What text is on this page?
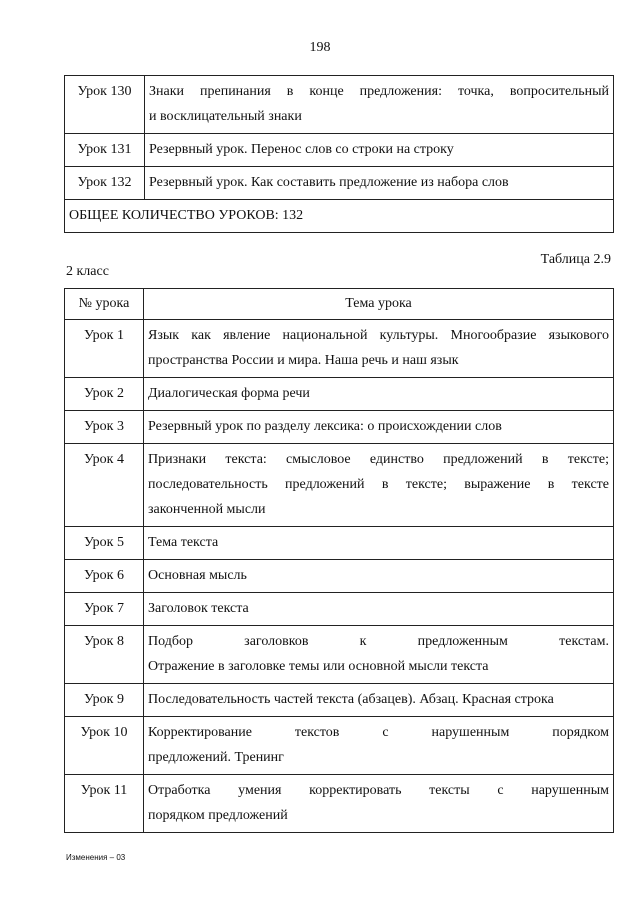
198
Урок 130	Знаки препинания в конце предложения: точка, вопросительный
и восклицательный знаки

Урок 131	Резервный урок. Перенос слов со строки на строку

Урок 132	Резервный урок. Как составить предложение из набора слов

ОБЩЕЕ КОЛИЧЕСТВО УРОКОВ: 132	
Таблица 2.9
2 класс
№ урока	Тема урока
Урок 1	Язык как явление национальной культуры. Многообразие языкового
пространства России и мира. Наша речь и наш язык

Урок 2	Диалогическая форма речи

Урок 3	Резервный урок по разделу лексика: о происхождении слов

Урок 4	Признаки текста: смысловое единство предложений в тексте;
последовательность предложений в тексте; выражение в тексте
законченной мысли

Урок 5	Тема текста

Урок 6	Основная мысль

Урок 7	Заголовок текста

Урок 8	Подбор заголовков к предложенным текстам.
Отражение в заголовке темы или основной мысли текста

Урок 9	Последовательность частей текста (абзацев). Абзац. Красная строка

Урок 10	Корректирование текстов с нарушенным порядком
предложений. Тренинг

Урок 11	Отработка умения корректировать тексты с нарушенным
порядком предложений
Изменения – 03
